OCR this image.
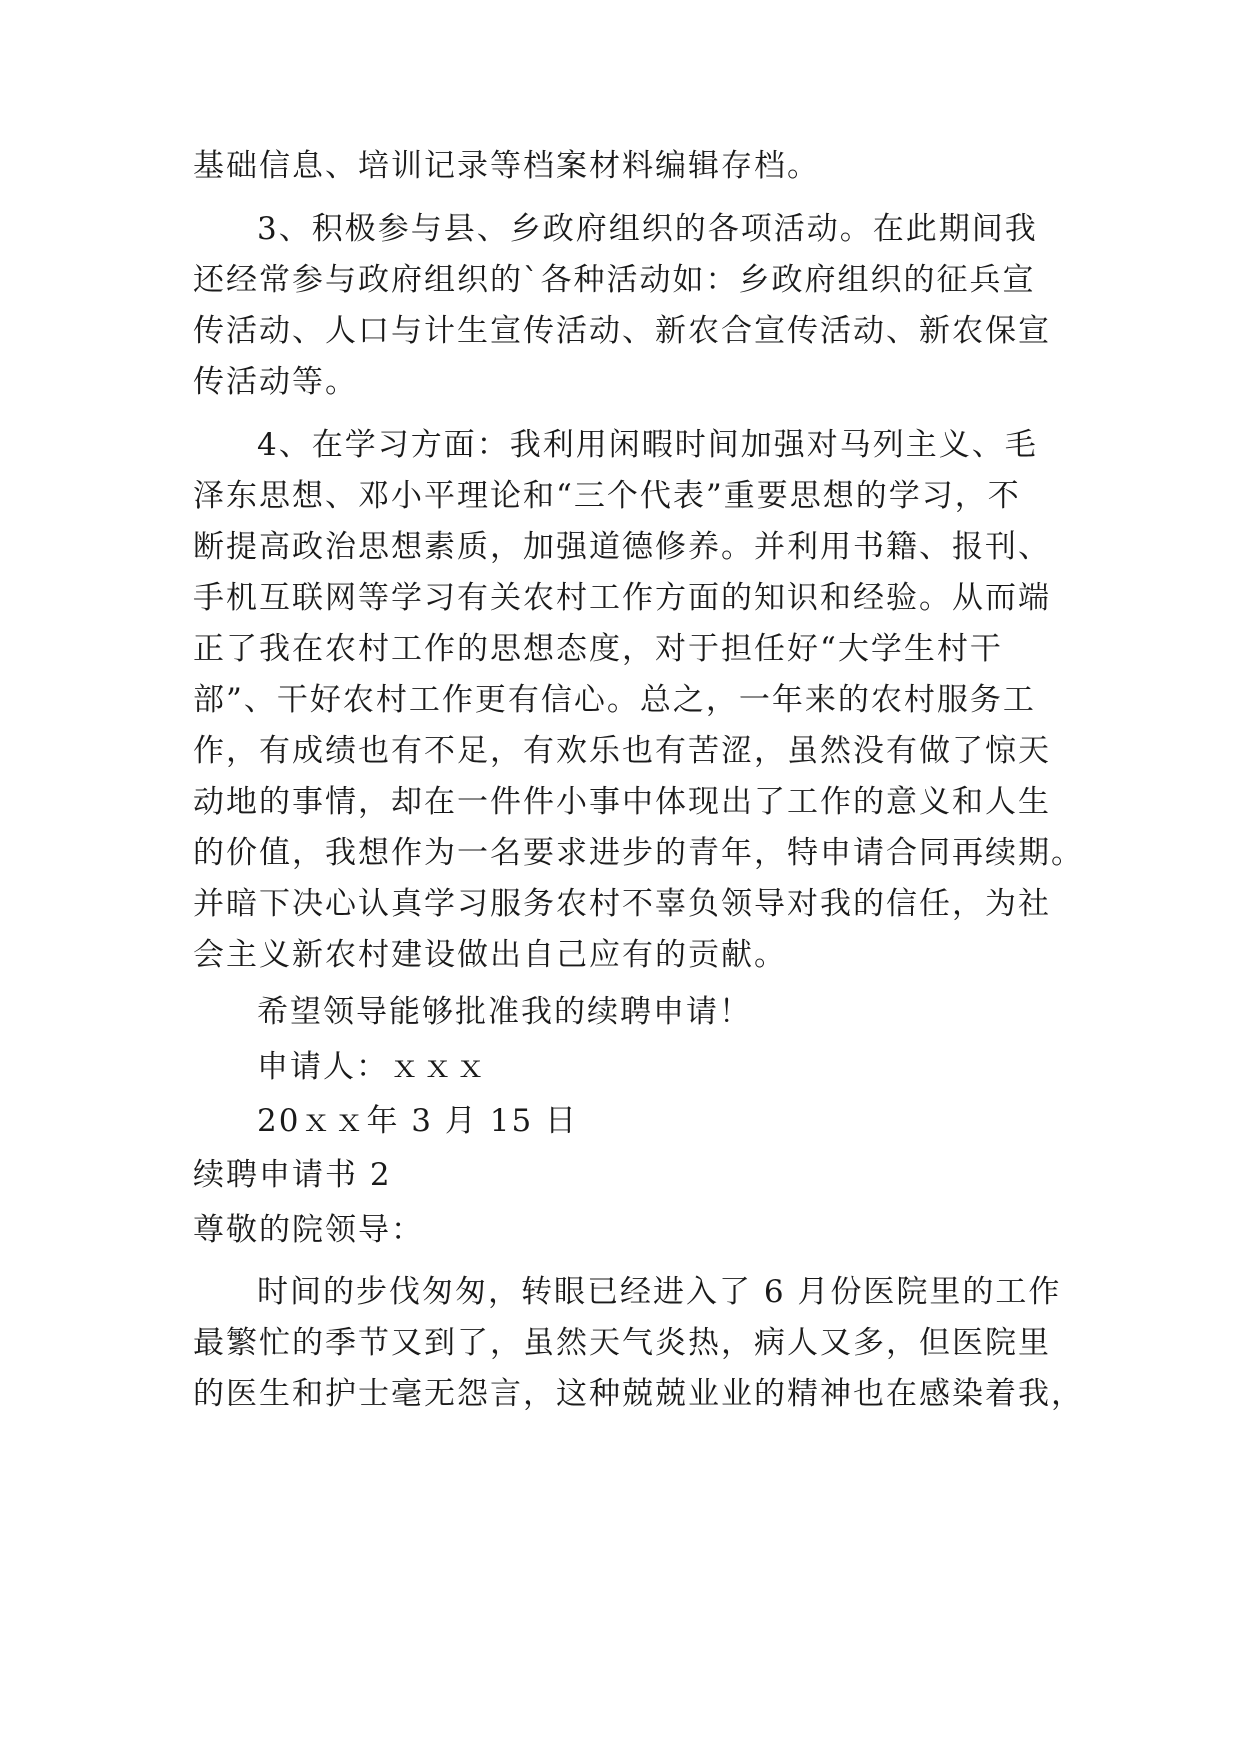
基础信息、培训记录等档案材料编辑存档。
3、积极参与县、乡政府组织的各项活动。在此期间我
还经常参与政府组织的`各种活动如：乡政府组织的征兵宣
传活动、人口与计生宣传活动、新农合宣传活动、新农保宣
传活动等。
4、在学习方面：我利用闲暇时间加强对马列主义、毛
泽东思想、邓小平理论和“三个代表”重要思想的学习，不
断提高政治思想素质，加强道德修养。并利用书籍、报刊、
手机互联网等学习有关农村工作方面的知识和经验。从而端
正了我在农村工作的思想态度，对于担任好“大学生村干
部”、干好农村工作更有信心。总之，一年来的农村服务工
作，有成绩也有不足，有欢乐也有苦涩，虽然没有做了惊天
动地的事情，却在一件件小事中体现出了工作的意义和人生
的价值，我想作为一名要求进步的青年，特申请合同再续期。
并暗下决心认真学习服务农村不辜负领导对我的信任，为社
会主义新农村建设做出自己应有的贡献。
希望领导能够批准我的续聘申请！
申请人：ｘｘｘ
20ｘｘ年 3 月 15 日
续聘申请书 2
尊敬的院领导：
时间的步伐匆匆，转眼已经进入了 6 月份医院里的工作
最繁忙的季节又到了，虽然天气炎热，病人又多，但医院里
的医生和护士毫无怨言，这种兢兢业业的精神也在感染着我，
